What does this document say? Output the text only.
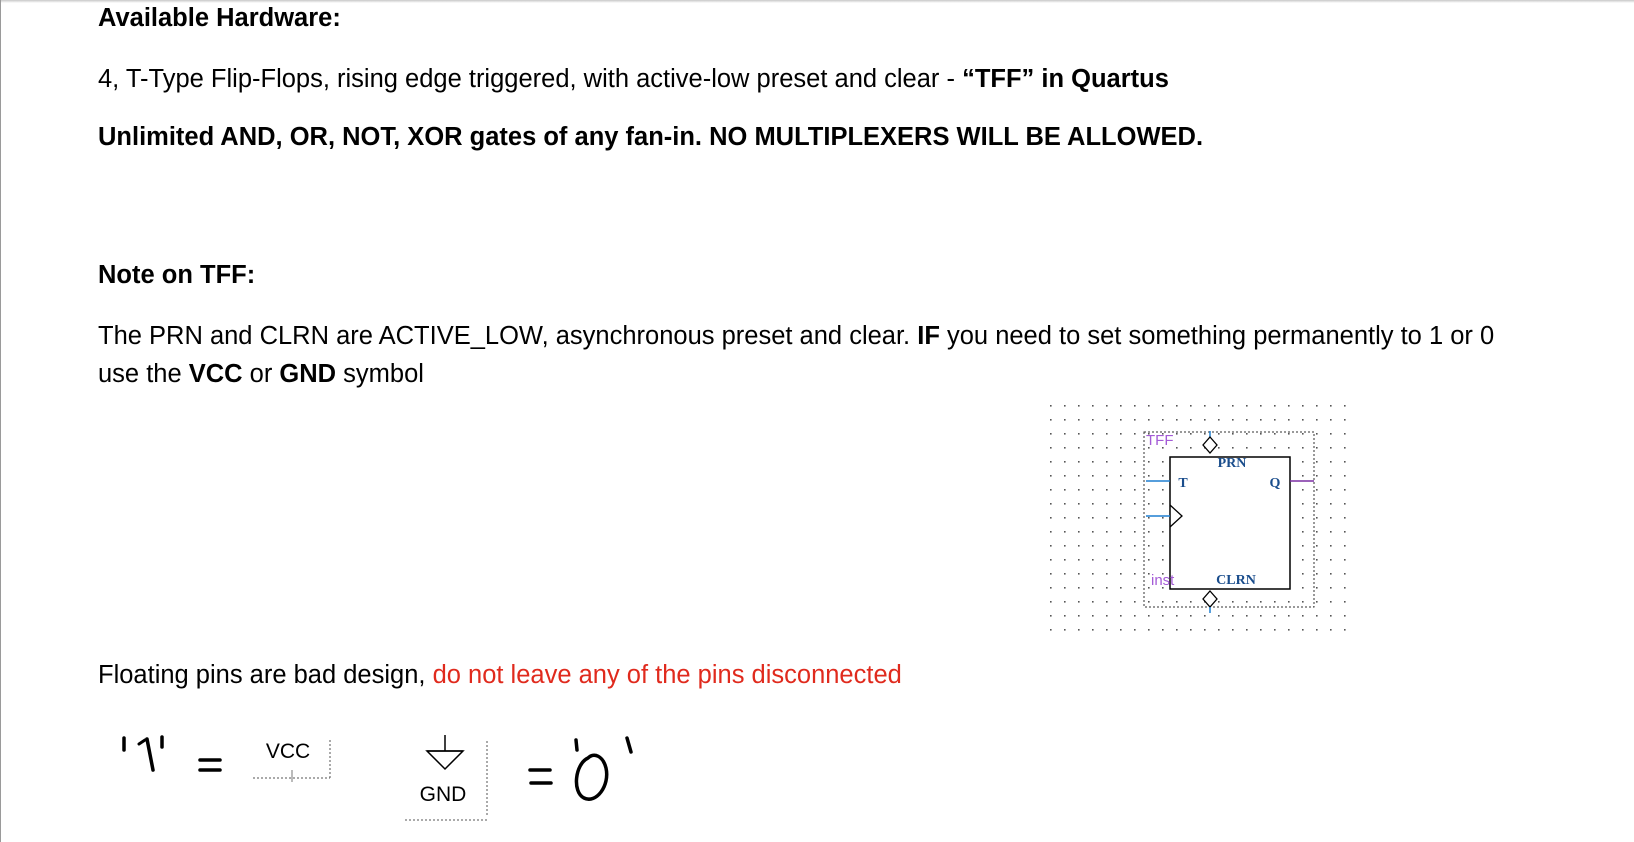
Available Hardware:
4, T-Type Flip-Flops, rising edge triggered, with active-low preset and clear - “TFF” in Quartus
Unlimited AND, OR, NOT, XOR gates of any fan-in. NO MULTIPLEXERS WILL BE ALLOWED.
Note on TFF:
The PRN and CLRN are ACTIVE_LOW, asynchronous preset and clear. IF you need to set something permanently to 1 or 0
use the VCC or GND symbol
Floating pins are bad design, do not leave any of the pins disconnected
TFF
PRN
T	Q
CLRN
inst
VCC
GND
